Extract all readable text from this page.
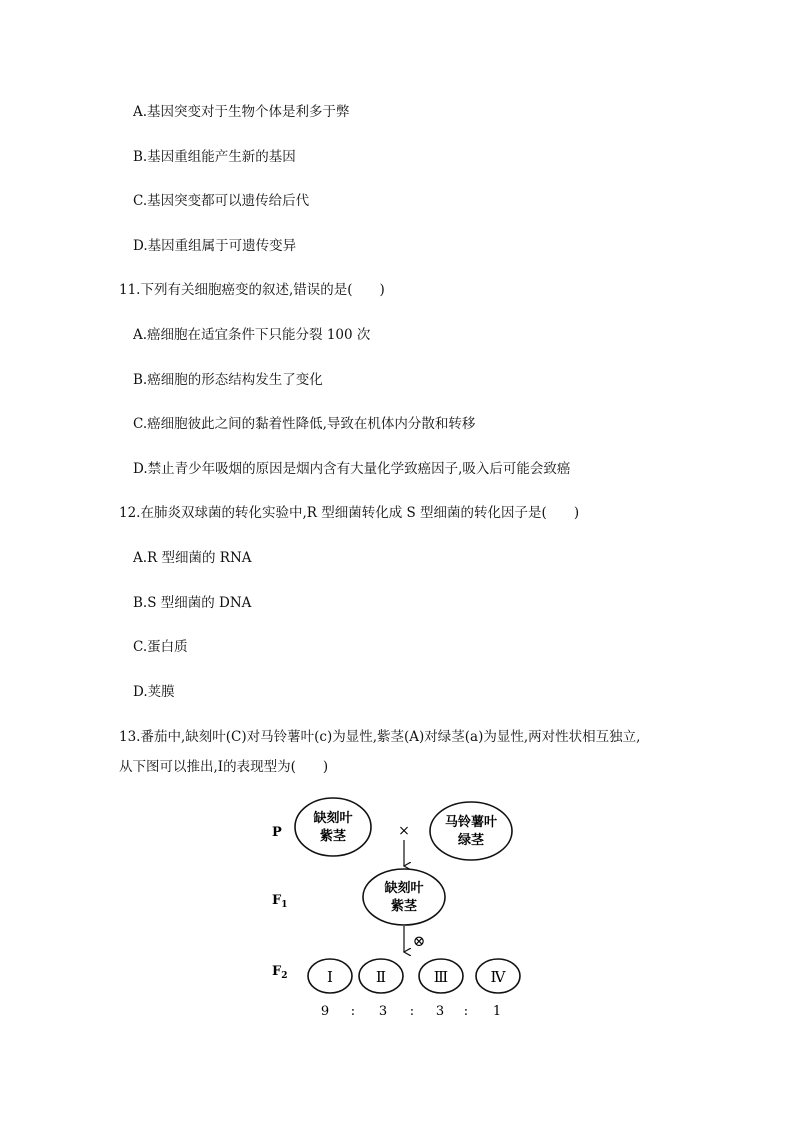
A.基因突变对于生物个体是利多于弊
B.基因重组能产生新的基因
C.基因突变都可以遗传给后代
D.基因重组属于可遗传变异
11.下列有关细胞癌变的叙述,错误的是(　　)
A.癌细胞在适宜条件下只能分裂 100 次
B.癌细胞的形态结构发生了变化
C.癌细胞彼此之间的黏着性降低,导致在机体内分散和转移
D.禁止青少年吸烟的原因是烟内含有大量化学致癌因子,吸入后可能会致癌
12.在肺炎双球菌的转化实验中,R 型细菌转化成 S 型细菌的转化因子是(　　)
A.R 型细菌的 RNA
B.S 型细菌的 DNA
C.蛋白质
D.荚膜
13.番茄中,缺刻叶(C)对马铃薯叶(c)为显性,紫茎(A)对绿茎(a)为显性,两对性状相互独立,
从下图可以推出,Ⅰ的表现型为(　　)
P
$F_1$
$F_2$
缺刻叶
紫茎	×
马铃薯叶
绿茎
缺刻叶
紫茎
⊗
Ⅰ	Ⅱ	Ⅲ	Ⅳ
9 : 3 : 3 : 1
